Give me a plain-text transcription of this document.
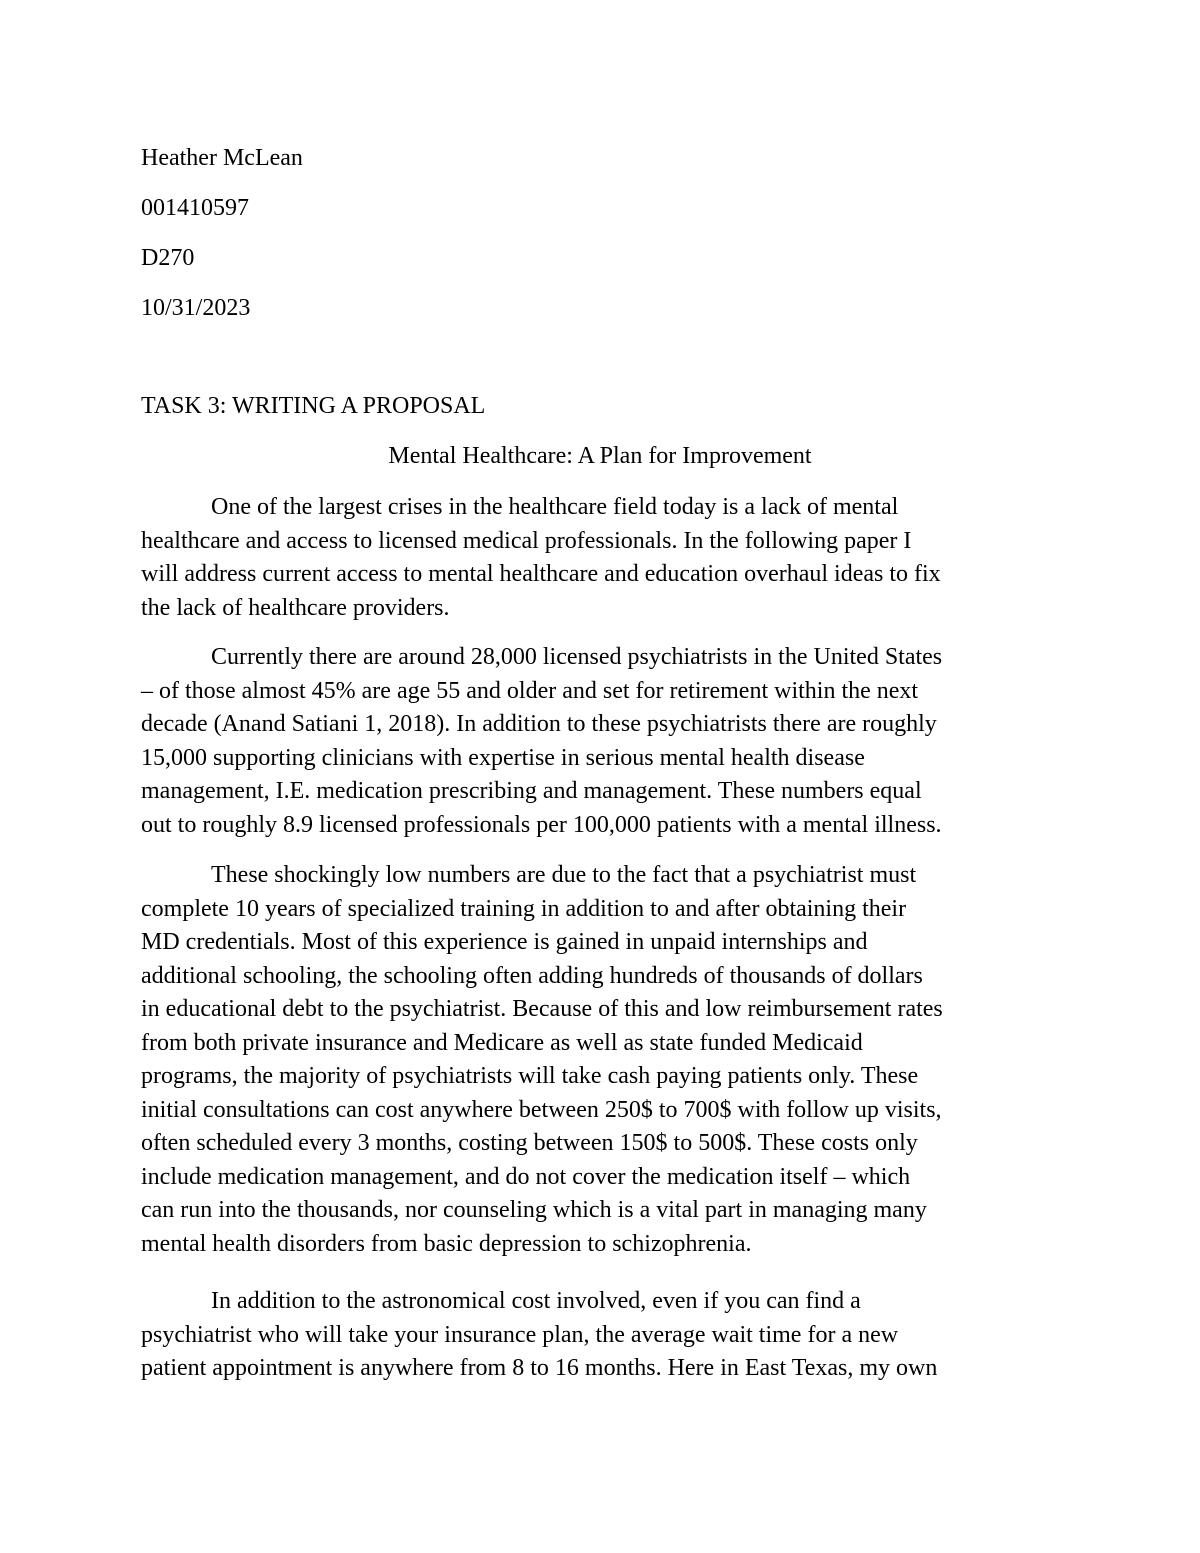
Heather McLean
001410597
D270
10/31/2023
TASK 3: WRITING A PROPOSAL
Mental Healthcare: A Plan for Improvement
One of the largest crises in the healthcare field today is a lack of mental
healthcare and access to licensed medical professionals. In the following paper I
will address current access to mental healthcare and education overhaul ideas to fix
the lack of healthcare providers.
Currently there are around 28,000 licensed psychiatrists in the United States
– of those almost 45% are age 55 and older and set for retirement within the next
decade (Anand Satiani 1, 2018). In addition to these psychiatrists there are roughly
15,000 supporting clinicians with expertise in serious mental health disease
management, I.E. medication prescribing and management. These numbers equal
out to roughly 8.9 licensed professionals per 100,000 patients with a mental illness.
These shockingly low numbers are due to the fact that a psychiatrist must
complete 10 years of specialized training in addition to and after obtaining their
MD credentials. Most of this experience is gained in unpaid internships and
additional schooling, the schooling often adding hundreds of thousands of dollars
in educational debt to the psychiatrist. Because of this and low reimbursement rates
from both private insurance and Medicare as well as state funded Medicaid
programs, the majority of psychiatrists will take cash paying patients only. These
initial consultations can cost anywhere between 250$ to 700$ with follow up visits,
often scheduled every 3 months, costing between 150$ to 500$. These costs only
include medication management, and do not cover the medication itself – which
can run into the thousands, nor counseling which is a vital part in managing many
mental health disorders from basic depression to schizophrenia.
In addition to the astronomical cost involved, even if you can find a
psychiatrist who will take your insurance plan, the average wait time for a new
patient appointment is anywhere from 8 to 16 months. Here in East Texas, my own
